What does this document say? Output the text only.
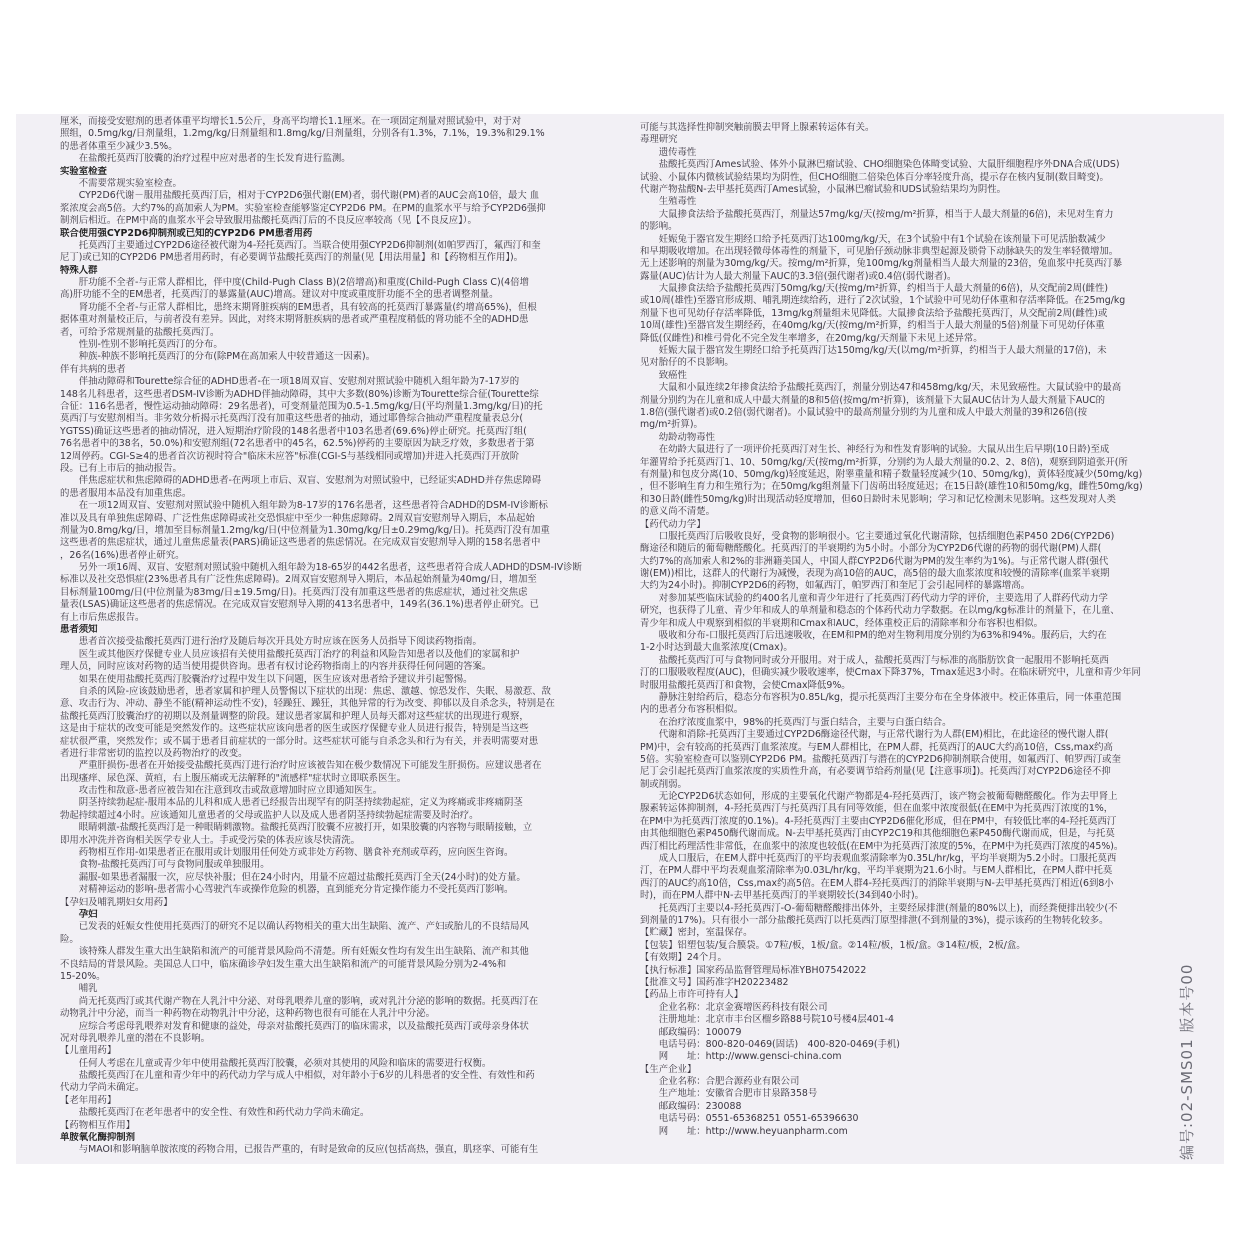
厘米，而接受安慰剂的患者体重平均增长1.5公斤，身高平均增长1.1厘米。在一项固定剂量对照试验中，对于对
照组，0.5mg/kg/日剂量组，1.2mg/kg/日剂量组和1.8mg/kg/日剂量组，分别各有1.3%，7.1%，19.3%和29.1%
的患者体重至少减少3.5%。
　　在盐酸托莫西汀胶囊的治疗过程中应对患者的生长发育进行监测。
实验室检查
　　不需要常规实验室检查。
　　CYP2D6代谢－服用盐酸托莫西汀后，相对于CYP2D6强代谢(EM)者，弱代谢(PM)者的AUC会高10倍，最大 血
浆浓度会高5倍。大约7%的高加索人为PM。实验室检查能够鉴定CYP2D6 PM。在PM的血浆水平与给予CYP2D6强抑
制剂后相近。在PM中高的血浆水平会导致服用盐酸托莫西汀后的不良反应率较高（见【不良反应】）。
联合使用强CYP2D6抑制剂或已知的CYP2D6 PM患者用药
　　托莫西汀主要通过CYP2D6途径被代谢为4-羟托莫西汀。当联合使用强CYP2D6抑制剂(如帕罗西汀，氟西汀和奎
尼丁)或已知的CYP2D6 PM患者用药时，有必要调节盐酸托莫西汀的剂量(见【用法用量】和【药物相互作用】)。
特殊人群
　　肝功能不全者-与正常人群相比，伴中度(Child-Pugh Class B)(2倍增高)和重度(Child-Pugh Class C)(4倍增
高)肝功能不全的EM患者，托莫西汀的暴露量(AUC)增高。建议对中度或重度肝功能不全的患者调整剂量。
　　肾功能不全者-与正常人群相比，患终末期肾脏疾病的EM患者，具有较高的托莫西汀暴露量(约增高65%)，但根
据体重对剂量校正后，与前者没有差异。因此，对终末期肾脏疾病的患者或严重程度稍低的肾功能不全的ADHD患
者，可给予常规剂量的盐酸托莫西汀。
　　性别-性别不影响托莫西汀的分布。
　　种族-种族不影响托莫西汀的分布(除PM在高加索人中较普通这一因素)。
伴有共病的患者
　　伴抽动障碍和Tourette综合征的ADHD患者-在一项18周双盲、安慰剂对照试验中随机入组年龄为7-17岁的
148名儿科患者，这些患者DSM-IV诊断为ADHD伴抽动障碍，其中大多数(80%)诊断为Tourette综合征(Tourette综
合征：116名患者，慢性运动抽动障碍：29名患者)，可变剂量范围为0.5-1.5mg/kg/日(平均剂量1.3mg/kg/日)的托
莫西汀与安慰剂相当。非劣效分析揭示托莫西汀没有加重这些患者的抽动，通过耶鲁综合抽动严重程度量表总分(
YGTSS)确证这些患者的抽动情况，进入短期治疗阶段的148名患者中103名患者(69.6%)停止研究。托莫西汀组(
76名患者中的38名，50.0%)和安慰剂组(72名患者中的45名，62.5%)停药的主要原因为缺乏疗效，多数患者于第
12周停药。CGI-S≥4的患者首次访视时符合"临床未应答"标准(CGI-S与基线相同或增加)并进入托莫西汀开放阶
段。已有上市后的抽动报告。
　　伴焦虑症状和焦虑障碍的ADHD患者-在两项上市后、双盲、安慰剂为对照试验中，已经证实ADHD并存焦虑障碍
的患者服用本品没有加重焦虑。
　　在一项12周双盲、安慰剂对照试验中随机入组年龄为8-17岁的176名患者，这些患者符合ADHD的DSM-IV诊断标
准以及具有单独焦虑障碍、广泛性焦虑障碍或社交恐惧症中至少一种焦虑障碍。2周双盲安慰剂导入期后，本品起始
剂量为0.8mg/kg/日，增加至目标剂量1.2mg/kg/日(中位剂量为1.30mg/kg/日±0.29mg/kg/日)。托莫西汀没有加重
这些患者的焦虑症状，通过儿童焦虑量表(PARS)确证这些患者的焦虑情况。在完成双盲安慰剂导入期的158名患者中
，26名(16%)患者停止研究。
　　另外一项16周、双盲、安慰剂对照试验中随机入组年龄为18-65岁的442名患者，这些患者符合成人ADHD的DSM-IV诊断
标准以及社交恐惧症(23%患者具有广泛性焦虑障碍)。2周双盲安慰剂导入期后，本品起始剂量为40mg/日，增加至
目标剂量100mg/日(中位剂量为83mg/日±19.5mg/日)。托莫西汀没有加重这些患者的焦虑症状，通过社交焦虑
量表(LSAS)确证这些患者的焦虑情况。在完成双盲安慰剂导入期的413名患者中，149名(36.1%)患者停止研究。已
有上市后焦虑报告。
患者须知
　　患者首次接受盐酸托莫西汀进行治疗及随后每次开具处方时应该在医务人员指导下阅读药物指南。
　　医生或其他医疗保健专业人员应该招有关使用盐酸托莫西汀治疗的利益和风险告知患者以及他们的家属和护
理人员，同时应该对药物的适当使用提供咨询。患者有权讨论药物指南上的内容并获得任何问题的答案。
　　如果在使用盐酸托莫西汀胶囊治疗过程中发生以下问题，医生应该对患者给予建议并引起警惕。
　　自杀的风险-应该鼓励患者，患者家属和护理人员警惕以下症状的出现：焦虑、激越、惊恐发作、失眠、易激惹、敌
意、攻击行为、冲动、静坐不能(精神运动性不安)，轻躁狂、躁狂，其他异常的行为改变、抑郁以及自杀念头，特别是在
盐酸托莫西汀胶囊治疗的初期以及剂量调整的阶段。建议患者家属和护理人员每天都对这些症状的出现进行观察，
这是由于症状的改变可能是突然发作的。这些症状应该向患者的医生或医疗保健专业人员进行报告，特别是当这些
症状很严重，突然发作；或不属于患者目前症状的一部分时。这些症状可能与自杀念头和行为有关，并表明需要对患
者进行非常密切的监控以及药物治疗的改变。
　　严重肝损伤-患者在开始接受盐酸托莫西汀进行治疗时应该被告知在极少数情况下可能发生肝损伤。应建议患者在
出现瘙痒、尿色深、黄疸，右上腹压痛或无法解释的"流感样"症状时立即联系医生。
　　攻击性和敌意-患者应被告知在注意到攻击或敌意增加时应立即通知医生。
　　阴茎持续勃起症-服用本品的儿科和成人患者已经报告出现罕有的阴茎持续勃起症，定义为疼痛或非疼痛阴茎
勃起持续超过4小时。应该通知儿童患者的父母或监护人以及成人患者阴茎持续勃起症需要及时治疗。
　　眼睛刺激-盐酸托莫西汀是一种眼睛刺激物。盐酸托莫西汀胶囊不应被打开，如果胶囊的内容物与眼睛接触，立
即用水冲洗并咨询相关医学专业人士。手或受污染的体表应该尽快清洗。
　　药物相互作用-如果患者正在服用或计划服用任何处方或非处方药物、膳食补充剂或草药，应向医生咨询。
　　食物-盐酸托莫西汀可与食物同服或单独服用。
　　漏服-如果患者漏服一次，应尽快补服；但在24小时内，用量不应超过盐酸托莫西汀全天(24小时)的处方量。
　　对精神运动的影响-患者需小心驾驶汽车或操作危险的机器，直到能充分肯定操作能力不受托莫西汀影响。
【孕妇及哺乳期妇女用药】
　　孕妇
　　已发表的妊娠女性使用托莫西汀的研究不足以确认药物相关的重大出生缺陷、流产、产妇或胎儿的不良结局风
险。
　　该特殊人群发生重大出生缺陷和流产的可能背景风险尚不清楚。所有妊娠女性均有发生出生缺陷、流产和其他
不良结局的背景风险。美国总人口中，临床确诊孕妇发生重大出生缺陷和流产的可能背景风险分别为2-4%和
15-20%。
　　哺乳
　　尚无托莫西汀或其代谢产物在人乳汁中分泌、对母乳喂养儿童的影响，或对乳汁分泌的影响的数据。托莫西汀在
动物乳汁中分泌，而当一种药物在动物乳汁中分泌，这种药物也很有可能在人乳汁中分泌。
　　应综合考虑母乳喂养对发育和健康的益处，母亲对盐酸托莫西汀的临床需求，以及盐酸托莫西汀或母亲身体状
况对母乳喂养儿童的潜在不良影响。
【儿童用药】
　　任何人考虑在儿童或青少年中使用盐酸托莫西汀胶囊，必须对其使用的风险和临床的需要进行权衡。
　　盐酸托莫西汀在儿童和青少年中的药代动力学与成人中相似，对年龄小于6岁的儿科患者的安全性、有效性和药
代动力学尚未确定。
【老年用药】
　　盐酸托莫西汀在老年患者中的安全性、有效性和药代动力学尚未确定。
【药物相互作用】
单胺氧化酶抑制剂
　　与MAOI和影响脑单胺浓度的药物合用，已报告严重的，有时是致命的反应(包括高热，强直，肌痉挛、可能有生
可能与其选择性抑制突触前膜去甲肾上腺素转运体有关。
毒理研究
　　遗传毒性
　　盐酸托莫西汀Ames试验、体外小鼠淋巴瘤试验、CHO细胞染色体畸变试验、大鼠肝细胞程序外DNA合成(UDS)
试验、小鼠体内微核试验结果均为阴性，但CHO细胞二倍染色体百分率轻度升高，提示存在核内复制(数目畸变)。
代谢产物盐酸N-去甲基托莫西汀Ames试验，小鼠淋巴瘤试验和UDS试验结果均为阴性。
　　生殖毒性
　　大鼠掺食法给予盐酸托莫西汀，剂量达57mg/kg/天(按mg/m²折算，相当于人最大剂量的6倍)，未见对生育力
的影响。
　　妊娠兔于器官发生期经口给予托莫西汀达100mg/kg/天，在3个试验中有1个试验在该剂量下可见活胎数减少
和早期吸收增加。在出现轻微母体毒性的剂量下，可见胎仔颈动脉非典型起源及锁骨下动脉缺失的发生率轻微增加。
无上述影响的剂量为30mg/kg/天。按mg/m²折算，兔100mg/kg剂量相当人最大剂量的23倍，兔血浆中托莫西汀暴
露量(AUC)估计为人最大剂量下AUC的3.3倍(强代谢者)或0.4倍(弱代谢者)。
　　大鼠掺食法给予盐酸托莫西汀50mg/kg/天(按mg/m²折算，约相当于人最大剂量的6倍)，从交配前2周(雌性)
或10周(雄性)至器官形成期、哺乳期连续给药，进行了2次试验，1个试验中可见幼仔体重和存活率降低。在25mg/kg
剂量下也可见幼仔存活率降低，13mg/kg剂量组未见降低。大鼠掺食法给予盐酸托莫西汀，从交配前2周(雌性)或
10周(雄性)至器官发生期经药，在40mg/kg/天(按mg/m²折算，约相当于人最大剂量的5倍)剂量下可见幼仔体重
降低(仅雌性)和椎弓骨化不完全发生率增多，在20mg/kg/天剂量下未见上述异常。
　　妊娠大鼠于器官发生期经口给予托莫西汀达150mg/kg/天(以mg/m²折算，约相当于人最大剂量的17倍)，未
见对胎仔的不良影响。
　　致癌性
　　大鼠和小鼠连续2年掺食法给予盐酸托莫西汀，剂量分别达47和458mg/kg/天，未见致癌性。大鼠试验中的最高
剂量分别约为在儿童和成人中最大剂量的8和5倍(按mg/m²折算)，该剂量下大鼠AUC估计为人最大剂量下AUC的
1.8倍(强代谢者)或0.2倍(弱代谢者)。小鼠试验中的最高剂量分别约为儿童和成人中最大剂量的39和26倍(按
mg/m²折算)。
　　幼龄动物毒性
　　在幼龄大鼠进行了一项评价托莫西汀对生长、神经行为和性发育影响的试验。大鼠从出生后早期(10日龄)至成
年灌胃给予托莫西汀1、10、50mg/kg/天(按mg/m²折算，分别约为人最大剂量的0.2、2、8倍)，观察到阴道张开(所
有剂量)和包皮分离(10、50mg/kg)轻度延迟，附睾重量和精子数量轻度减少(10、50mg/kg)，黄体轻度减少(50mg/kg)
，但不影响生育力和生殖行为；在50mg/kg组剂量下门齿萌出轻度延迟；在15日龄(雄性10和50mg/kg，雌性50mg/kg)
和30日龄(雌性50mg/kg)时出现活动轻度增加，但60日龄时未见影响；学习和记忆检测未见影响。这些发现对人类
的意义尚不清楚。
【药代动力学】
　　口服托莫西汀后吸收良好，受食物的影响很小。它主要通过氧化代谢清除，包括细胞色素P450 2D6(CYP2D6)
酶途径和随后的葡萄糖醛酸化。托莫西汀的半衰期约为5小时。小部分为CYP2D6代谢的药物的弱代谢(PM)人群(
大约7%的高加索人和2%的非洲籍美国人，中国人群CYP2D6代谢为PM的发生率约为1%)。与正常代谢人群(强代
谢(EM))相比，这群人的代谢行为减慢，表现为高10倍的AUC，高5倍的最大血浆浓度和较慢的清除率(血浆半衰期
大约为24小时)。抑制CYP2D6的药物，如氟西汀，帕罗西汀和奎尼丁会引起同样的暴露增高。
　　对参加某些临床试验的约400名儿童和青少年进行了托莫西汀药代动力学的评价，主要选用了人群药代动力学
研究，也获得了儿童、青少年和成人的单剂量和稳态的个体药代动力学数据。在以mg/kg标准计的剂量下，在儿童、
青少年和成人中观察到相似的半衰期和Cmax和AUC，经体重校正后的清除率和分布容积也相似。
　　吸收和分布-口服托莫西汀后迅速吸收，在EM和PM的绝对生物利用度分别约为63%和94%。服药后，大约在
1-2小时达到最大血浆浓度(Cmax)。
　　盐酸托莫西汀可与食物同时或分开服用。对于成人，盐酸托莫西汀与标准的高脂肪饮食一起服用不影响托莫西
汀的口服吸收程度(AUC)，但确实减少吸收速率，使Cmax下降37%，Tmax延迟3小时。在临床研究中，儿童和青少年同
时服用盐酸托莫西汀和食物，会使Cmax降低9%。
　　静脉注射给药后，稳态分布容积为0.85L/kg，提示托莫西汀主要分布在全身体液中。校正体重后，同一体重范围
内的患者分布容积相似。
　　在治疗浓度血浆中，98%的托莫西汀与蛋白结合，主要与白蛋白结合。
　　代谢和消除-托莫西汀主要通过CYP2D6酶途径代谢，与正常代谢行为人群(EM)相比，在此途径的慢代谢人群(
PM)中，会有较高的托莫西汀血浆浓度。与EM人群相比，在PM人群，托莫西汀的AUC大约高10倍，Css,max约高
5倍。实验室检查可以鉴别CYP2D6 PM。盐酸托莫西汀与潜在的CYP2D6抑制剂联合使用，如氟西汀、帕罗西汀或奎
尼丁会引起托莫西汀血浆浓度的实质性升高，有必要调节给药剂量(见【注意事项】)。托莫西汀对CYP2D6途径不抑
制或削弱。
　　无论CYP2D6状态如何，形成的主要氧化代谢产物都是4-羟托莫西汀，该产物会被葡萄糖醛酸化。作为去甲肾上
腺素转运体抑制剂，4-羟托莫西汀与托莫西汀具有同等效能，但在血浆中浓度很低(在EM中为托莫西汀浓度的1%，
在PM中为托莫西汀浓度的0.1%)。4-羟托莫西汀主要由CYP2D6催化形成，但在PM中，有较低比率的4-羟托莫西汀
由其他细胞色素P450酶代谢而成。N-去甲基托莫西汀由CYP2C19和其他细胞色素P450酶代谢而成，但是，与托莫
西汀相比药理活性非常低，在血浆中的浓度也较低(在EM中为托莫西汀浓度的5%，在PM中为托莫西汀浓度的45%)。
　　成人口服后，在EM人群中托莫西汀的平均表观血浆清除率为0.35L/hr/kg，平均半衰期为5.2小时。口服托莫西
汀，在PM人群中平均表观血浆清除率为0.03L/hr/kg，平均半衰期为21.6小时。与EM人群相比，在PM人群中托莫
西汀的AUC约高10倍，Css,max约高5倍。在EM人群4-羟托莫西汀的消除半衰期与N-去甲基托莫西汀相近(6到8小
时)，而在PM人群中N-去甲基托莫西汀的半衰期较长(34到40小时)。
　　托莫西汀主要以4-羟托莫西汀-O-葡萄糖醛酸排出体外，主要经尿排泄(剂量的80%以上)，而经粪便排出较少(不
到剂量的17%)。只有很小一部分盐酸托莫西汀以托莫西汀原型排泄(不到剂量的3%)，提示该药的生物转化较多。
【贮藏】密封，室温保存。
【包装】铝塑包装/复合膜袋。①7粒/板，1板/盒。②14粒/板，1板/盒。③14粒/板，2板/盒。
【有效期】24个月。
【执行标准】国家药品监督管理局标准YBH07542022
【批准文号】国药准字H20223482
【药品上市许可持有人】
　　企业名称：北京金赛增医药科技有限公司
　　注册地址：北京市丰台区榴乡路88号院10号楼4层401-4
　　邮政编码：100079
　　电话号码：800-820-0469(固话)　400-820-0469(手机)
　　网　　址：http://www.gensci-china.com
【生产企业】
　　企业名称：合肥合源药业有限公司
　　生产地址：安徽省合肥市甘泉路358号
　　邮政编码：230088
　　电话号码：0551-65368251 0551-65396630
　　网　　址：http://www.heyuanpharm.com	编号:02-SMS01 版本号00
